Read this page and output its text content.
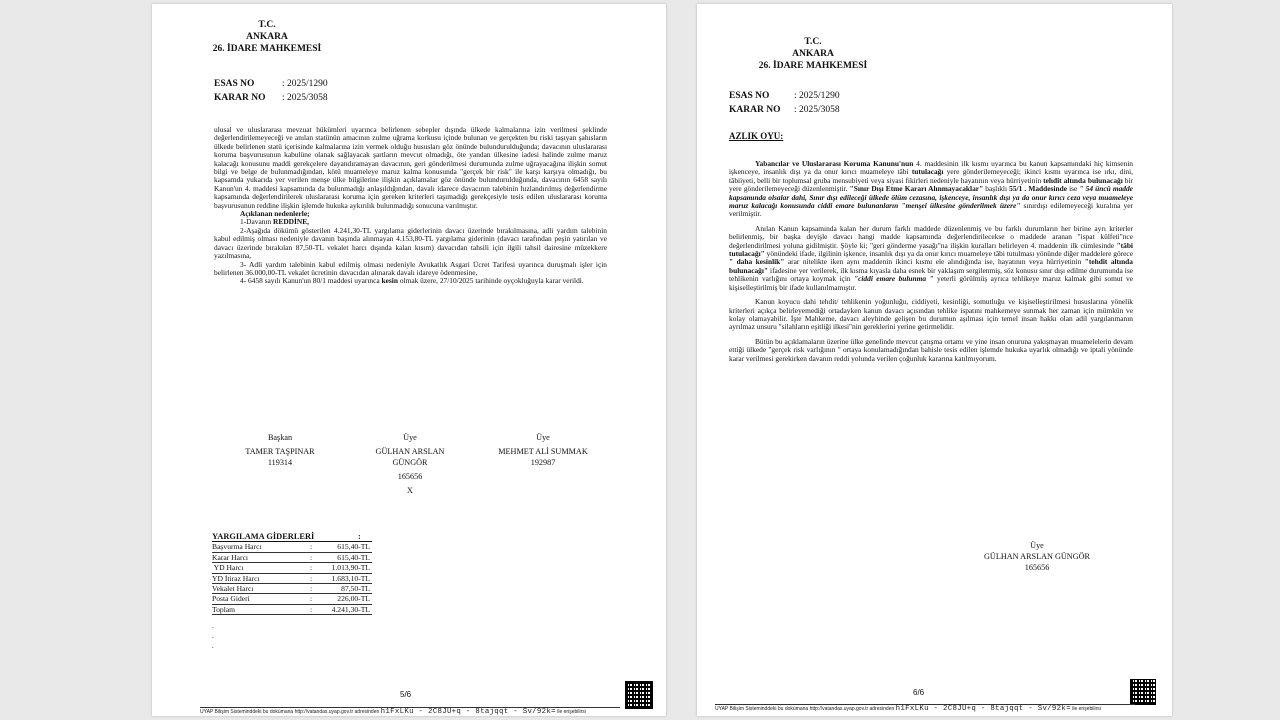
T.C.
ANKARA
26. İDARE MAHKEMESİ
ESAS NO	: 2025/1290
KARAR NO : 2025/3058

ulusal ve uluslararası mevzuat hükümleri uyarınca belirlenen sebepler dışında ülkede kalmalarına izin verilmesi şeklinde değerlendirilemeyeceği ve anılan statünün amacının zulme uğrama korkusu içinde bulunan ve gerçekten bu riski taşıyan şahısların ülkede belirlenen statü içerisinde kalmalarına izin vermek olduğu hususları göz önünde bulundurulduğunda; davacının uluslararası koruma başvurusunun kabulüne olanak sağlayacak şartların mevcut olmadığı, öte yandan ülkesine iadesi halinde zulme maruz kalacağı konusunu maddi gerekçelere dayandıramayan davacının, geri gönderilmesi durumunda zulme uğrayacağına ilişkin somut bilgi ve belge de bulunmadığından, kötü muameleye maruz kalma konusunda "gerçek bir risk" ile karşı karşıya olmadığı, bu kapsamda yukarıda yer verilen menşe ülke bilgilerine ilişkin açıklamalar göz önünde bulundurulduğunda, davacının 6458 sayılı Kanun'un 4. maddesi kapsamında da bulunmadığı anlaşıldığından, davalı idarece davacının talebinin hızlandırılmış değerlendirme kapsamında değerlendirilerek uluslararası koruma için gereken kriterleri taşımadığı gerekçesiyle tesis edilen uluslararası koruma başvurusunun reddine ilişkin işlemde hukuka aykırılık bulunmadığı sonucuna varılmıştır.

Açıklanan nedenlerle;

1-Davanın REDDİNE,

2-Aşağıda dökümü gösterilen 4.241,30-TL yargılama giderlerinin davacı üzerinde bırakılmasına, adli yardım talebinin kabul edilmiş olması nedeniyle davanın başında alınmayan 4.153,80-TL yargılama giderinin (davacı tarafından peşin yatırılan ve davacı üzerinde bırakılan 87,50-TL vekalet harcı dışında kalan kısım) davacıdan tahsili için ilgili tahsil dairesine müzekkere yazılmasına,

3- Adli yardım talebinin kabul edilmiş olması nedeniyle Avukatlık Asgari Ücret Tarifesi uyarınca duruşmalı işler için belirlenen 36.000,00-TL vekalet ücretinin davacıdan alınarak davalı idareye ödenmesine,

4- 6458 sayılı Kanun'un 80/1 maddesi uyarınca kesin olmak üzere, 27/10/2025 tarihinde oyçokluğuyla karar verildi.

Başkan
TAMER TAŞPINAR
119314
Üye
GÜLHAN ARSLAN
GÜNGÖR
165656
X
Üye
MEHMET ALİ SUMMAK
192987
YARGILAMA GİDERLERİ	:
Başvurma Harcı	:	615,40-TL
Karar Harcı	:	615,40-TL
YD Harcı	:	1.013,90-TL
YD İtiraz Harcı	:	1.683,10-TL
Vekalet Harcı	:	87,50-TL
Posta Gideri	:	226,00-TL
Toplam	:	4.241,30-TL
.
.
.
5/6
UYAP Bilişim Sisteminddeki bu dokümana http://vatandas.uyap.gov.tr adresinden h1FxLKu - 2C8JU+q - 8tajqqt - Sv/92k= ile erişebilirsi
T.C.
ANKARA
26. İDARE MAHKEMESİ
ESAS NO	: 2025/1290
KARAR NO : 2025/3058
AZLIK OYU:

Yabancılar ve Uluslararası Koruma Kanunu'nun 4. maddesinin ilk kısmı uyarınca bu kanun kapsamındaki hiç kimsenin işkenceye, insanlık dışı ya da onur kırıcı muameleye tâbi tutulacağı yere gönderilemeyeceği; ikinci kısmı uyarınca ise ırkı, dini, tâbiiyeti, belli bir toplumsal gruba mensubiyeti veya siyasi fikirleri nedeniyle hayatının veya hürriyetinin tehdit altında bulunacağı bir yere gönderilemeyeceği düzenlenmiştir. "Sınır Dışı Etme Kararı Alınmayacaklar" başlıklı 55/1 . Maddesinde ise " 54 üncü madde kapsamında olsalar dahi, Sınır dışı edileceği ülkede ölüm cezasına, işkenceye, insanlık dışı ya da onur kırıcı ceza veya muameleye maruz kalacağı konusunda ciddi emare bulunanların "menşei ülkesine gönderilmek üzere" sınırdışı edilemeyeceği kuralına yer verilmiştir.

Anılan Kanun kapsamında kalan her durum farklı maddede düzenlenmiş ve bu farklı durumların her birine ayrı kriterler belirlenmiş, bir başka deyişle davacı hangi madde kapsamında değerlendirilecekse o maddede aranan "ispat külfeti"nce değerlendirilmesi yoluna gidilmiştir. Şöyle ki; "geri gönderme yasağı"na ilişkin kuralları belirleyen 4. maddenin ilk cümlesinde "tâbi tutulacağı" yönündeki ifade, ilgilinin işkence, insanlık dışı ya da onur kırıcı muameleye tâbi tutulması yönünde diğer maddelere görece " daha kesinlik" arar nitelikte iken aynı maddenin ikinci kısmı ele alındığında ise, hayatının veya hürriyetinin "tehdit altında bulunacağı" ifadesine yer verilerek, ilk kısma kıyasla daha esnek bir yaklaşım sergilenmiş, söz konusu sınır dışı edilme durumunda ise tehlikenin varlığını ortaya koymak için "ciddi emare bulunma " yeterli görülmüş ayrıca tehlikeye maruz kalmak gibi somut ve kişiselleştirilmiş bir ifade kullanılmamıştır.

Kanun koyucu dahi tehdit/ tehlikenin yoğunluğu, ciddiyeti, kesinliği, somutluğu ve kişiselleştirilmesi hususlarına yönelik kriterleri açıkça belirleyemediği ortadayken kanun davacı açısından tehlike ispatını mahkemeye sunmak her zaman için mümkün ve kolay olamayabilir. İşte Mahkeme, davacı aleyhinde gelişen bu durumun aşılması için temel insan hakkı olan adil yargılanmanın ayrılmaz unsuru "silahların eşitliği ilkesi"nin gereklerini yerine getirmelidir.

Bütün bu açıklamaların üzerine ülke genelinde mevcut çatışma ortamı ve yine insan onuruna yakışmayan muamelelerin devam ettiği ülkede "gerçek risk varlığının " ortaya konulamadığından bahisle tesis edilen işlemde hukuka uyarlık olmadığı ve iptali yönünde karar verilmesi gerekirken davanın reddi yolunda verilen çoğunluk kararına katılmıyorum.

Üye
GÜLHAN ARSLAN GÜNGÖR
165656
6/6
UYAP Bilişim Sisteminddeki bu dokümana http://vatandas.uyap.gov.tr adresinden h1FxLKu - 2C8JU+q - 8tajqqt - Sv/92k= ile erişebilirsi
